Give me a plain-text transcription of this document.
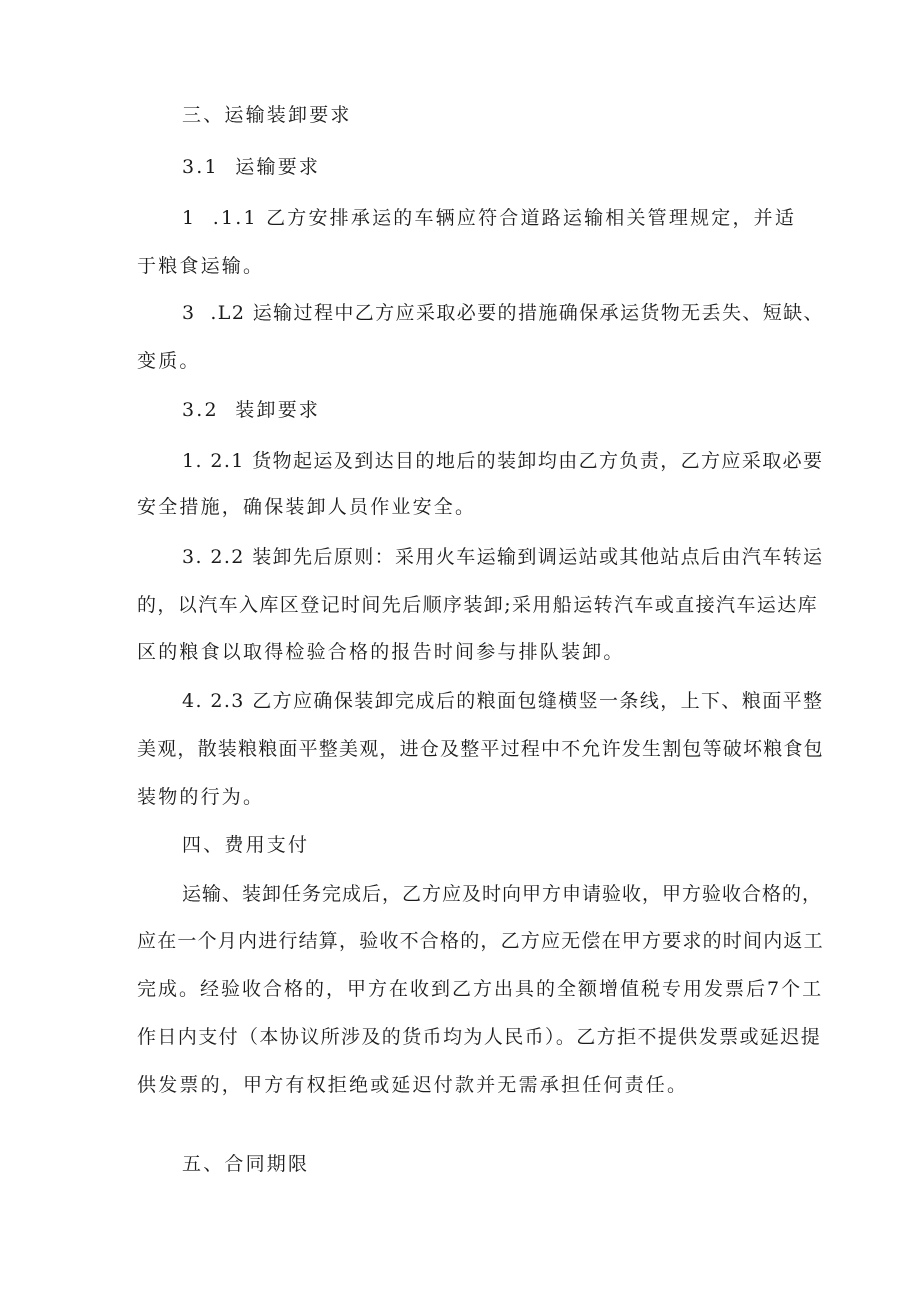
三、运输装卸要求
3.1  运输要求
1  .1.1 乙方安排承运的车辆应符合道路运输相关管理规定，并适
于粮食运输。
3  .L2 运输过程中乙方应采取必要的措施确保承运货物无丢失、短缺、
变质。
3.2  装卸要求
1. 2.1 货物起运及到达目的地后的装卸均由乙方负责，乙方应采取必要
安全措施，确保装卸人员作业安全。
3. 2.2 装卸先后原则：采用火车运输到调运站或其他站点后由汽车转运
的，以汽车入库区登记时间先后顺序装卸;采用船运转汽车或直接汽车运达库
区的粮食以取得检验合格的报告时间参与排队装卸。
4. 2.3 乙方应确保装卸完成后的粮面包缝横竖一条线，上下、粮面平整
美观，散装粮粮面平整美观，进仓及整平过程中不允许发生割包等破坏粮食包
装物的行为。
四、费用支付
运输、装卸任务完成后，乙方应及时向甲方申请验收，甲方验收合格的，
应在一个月内进行结算，验收不合格的，乙方应无偿在甲方要求的时间内返工
完成。经验收合格的，甲方在收到乙方出具的全额增值税专用发票后7个工
作日内支付（本协议所涉及的货币均为人民币）。乙方拒不提供发票或延迟提
供发票的，甲方有权拒绝或延迟付款并无需承担任何责任。
五、合同期限
